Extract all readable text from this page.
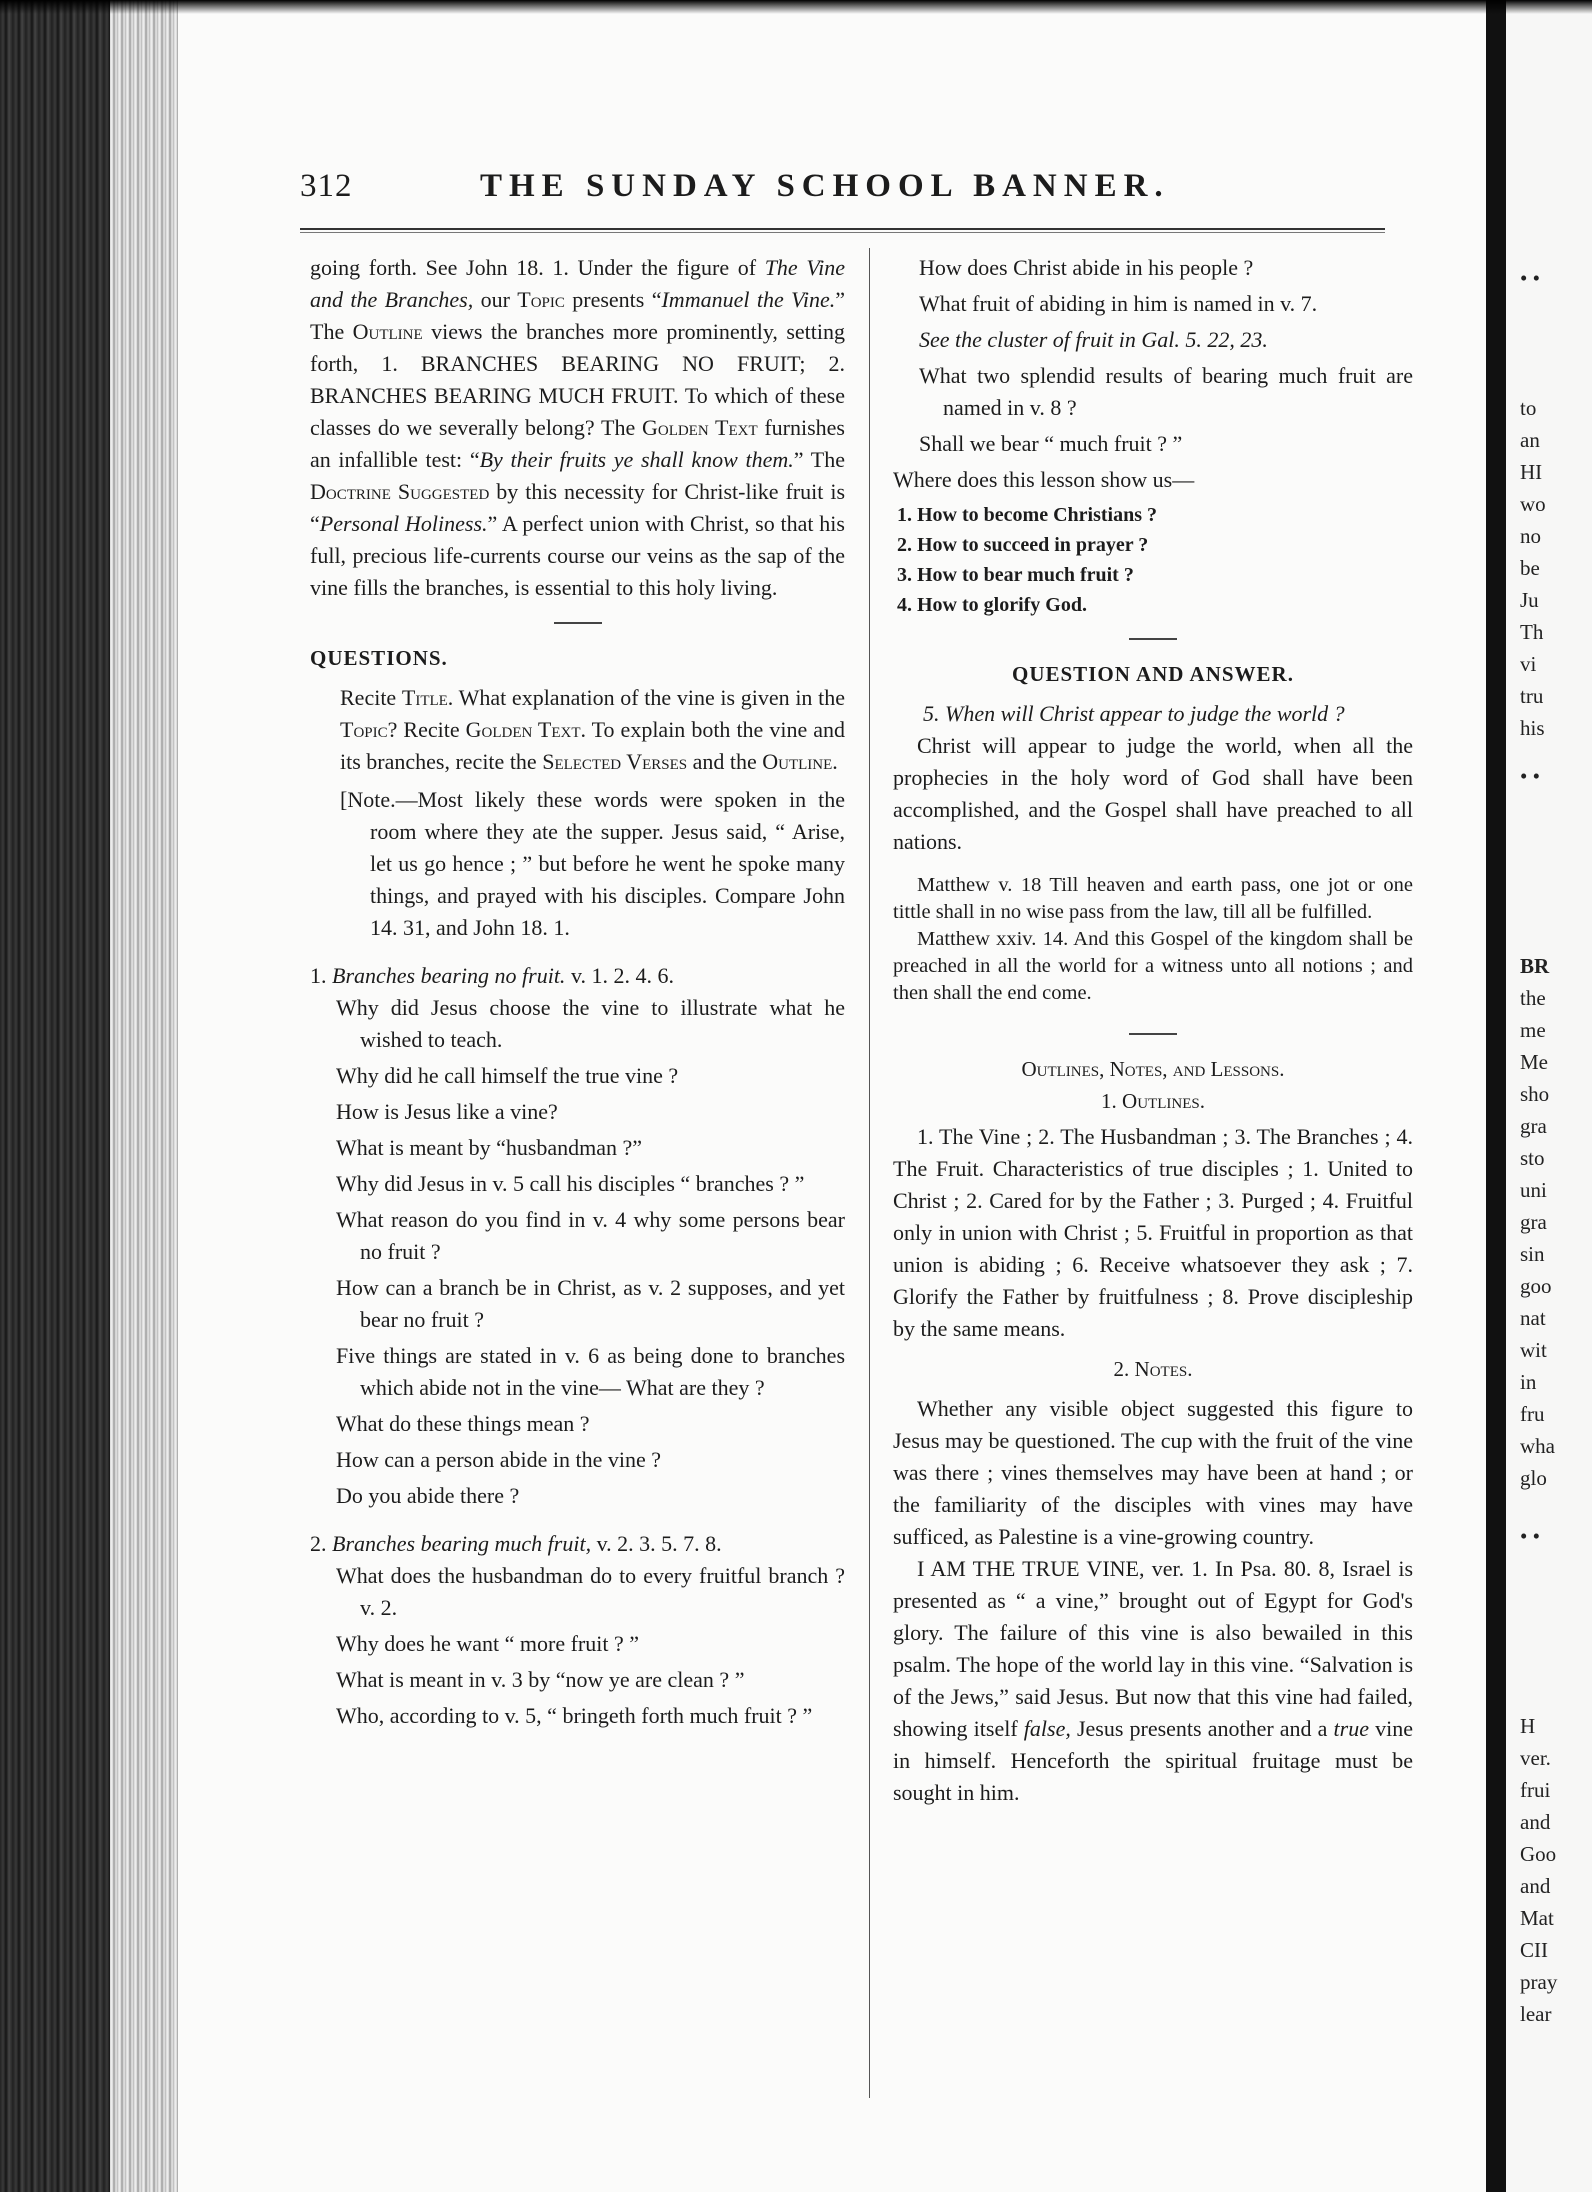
• •
to
an
HI
wo
no
be
Ju
Th
vi
tru
his
• •
BR
the
me
Me
sho
gra
sto
uni
gra
sin
goo
nat
wit
in
fru
wha
glo
• •
H
ver.
frui
and
Goo
and
Mat
CII
pray
lear
312	THE SUNDAY SCHOOL BANNER.

going forth. See John 18. 1. Under the figure of The Vine and the Branches, our Topic presents “Immanuel the Vine.” The Outline views the branches more prominently, setting forth, 1. BRANCHES BEARING NO FRUIT; 2. BRANCHES BEARING MUCH FRUIT. To which of these classes do we severally belong? The Golden Text furnishes an infallible test: “By their fruits ye shall know them.” The Doctrine Suggested by this necessity for Christ-like fruit is “Personal Holiness.” A perfect union with Christ, so that his full, precious life-currents course our veins as the sap of the vine fills the branches, is essential to this holy living.

QUESTIONS.

Recite Title. What explanation of the vine is given in the Topic? Recite Golden Text. To explain both the vine and its branches, recite the Selected Verses and the Outline.

[Note.—Most likely these words were spoken in the room where they ate the supper. Jesus said, “ Arise, let us go hence ; ” but before he went he spoke many things, and prayed with his disciples. Compare John 14. 31, and John 18. 1.

1. Branches bearing no fruit. v. 1. 2. 4. 6.

Why did Jesus choose the vine to illustrate what he wished to teach.

Why did he call himself the true vine ?

How is Jesus like a vine?

What is meant by “husbandman ?”

Why did Jesus in v. 5 call his disciples “ branches ? ”

What reason do you find in v. 4 why some persons bear no fruit ?

How can a branch be in Christ, as v. 2 supposes, and yet bear no fruit ?

Five things are stated in v. 6 as being done to branches which abide not in the vine— What are they ?

What do these things mean ?

How can a person abide in the vine ?

Do you abide there ?

2. Branches bearing much fruit, v. 2. 3. 5. 7. 8.

What does the husbandman do to every fruitful branch ? v. 2.

Why does he want “ more fruit ? ”

What is meant in v. 3 by “now ye are clean ? ”

Who, according to v. 5, “ bringeth forth much fruit ? ”

How does Christ abide in his people ?

What fruit of abiding in him is named in v. 7.

See the cluster of fruit in Gal. 5. 22, 23.

What two splendid results of bearing much fruit are named in v. 8 ?

Shall we bear “ much fruit ? ”

Where does this lesson show us—

1. How to become Christians ?
2. How to succeed in prayer ?
3. How to bear much fruit ?
4. How to glorify God.
QUESTION AND ANSWER.

5. When will Christ appear to judge the world ?

Christ will appear to judge the world, when all the prophecies in the holy word of God shall have been accomplished, and the Gospel shall have preached to all nations.

Matthew v. 18 Till heaven and earth pass, one jot or one tittle shall in no wise pass from the law, till all be fulfilled.

Matthew xxiv. 14. And this Gospel of the kingdom shall be preached in all the world for a witness unto all notions ; and then shall the end come.

Outlines, Notes, and Lessons.
1. Outlines.

1. The Vine ; 2. The Husbandman ; 3. The Branches ; 4. The Fruit. Characteristics of true disciples ; 1. United to Christ ; 2. Cared for by the Father ; 3. Purged ; 4. Fruitful only in union with Christ ; 5. Fruitful in proportion as that union is abiding ; 6. Receive whatsoever they ask ; 7. Glorify the Father by fruitfulness ; 8. Prove discipleship by the same means.

2. Notes.

Whether any visible object suggested this figure to Jesus may be questioned. The cup with the fruit of the vine was there ; vines themselves may have been at hand ; or the familiarity of the disciples with vines may have sufficed, as Palestine is a vine-growing country.

I AM THE TRUE VINE, ver. 1. In Psa. 80. 8, Israel is presented as “ a vine,” brought out of Egypt for God's glory. The failure of this vine is also bewailed in this psalm. The hope of the world lay in this vine. “Salvation is of the Jews,” said Jesus. But now that this vine had failed, showing itself false, Jesus presents another and a true vine in himself. Henceforth the spiritual fruitage must be sought in him.
